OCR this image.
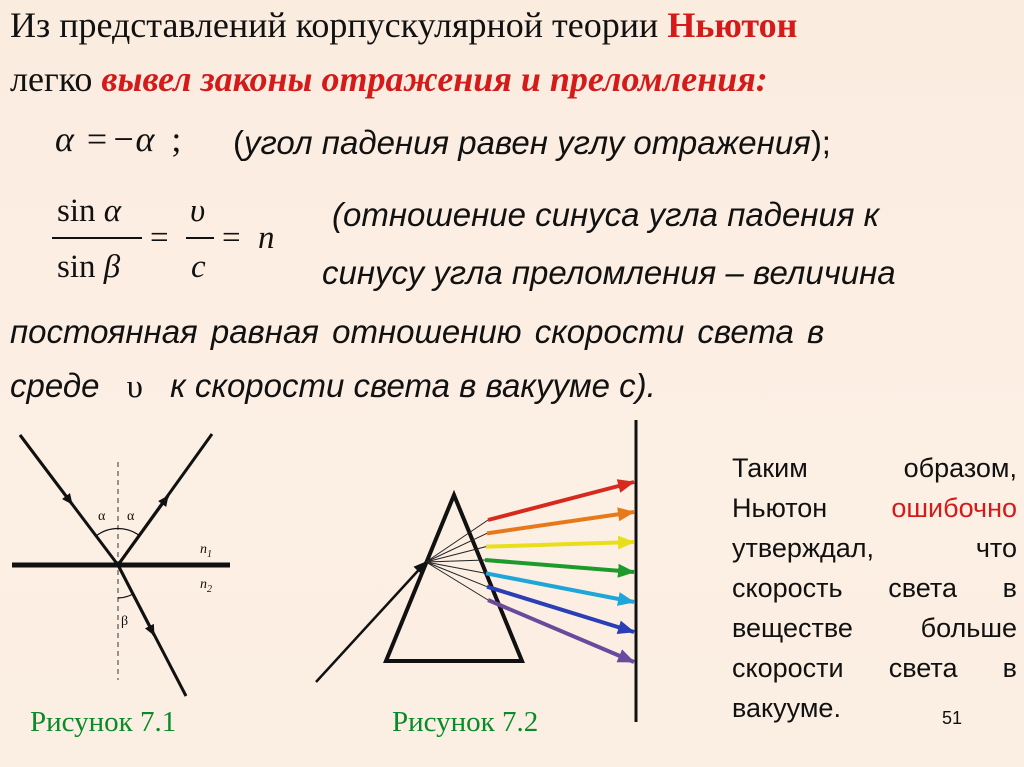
Из представлений корпускулярной теории Ньютон
легко вывел законы отражения и преломления:
α = −α ; (угол падения равен углу отражения);
sin α
sin β
=
υ
c
= n
(отношение синуса угла падения к
синусу угла преломления – величина
постоянная равная отношению скорости света в
среде υ к скорости света в вакууме с).
α α
β
$n_1$
$n_2$
Рисунок 7.1	Рисунок 7.2
Таким	образом,
Ньютон ошибочно
утверждал,	что
скорость света в
веществе	больше
скорости света в
вакууме.	51
